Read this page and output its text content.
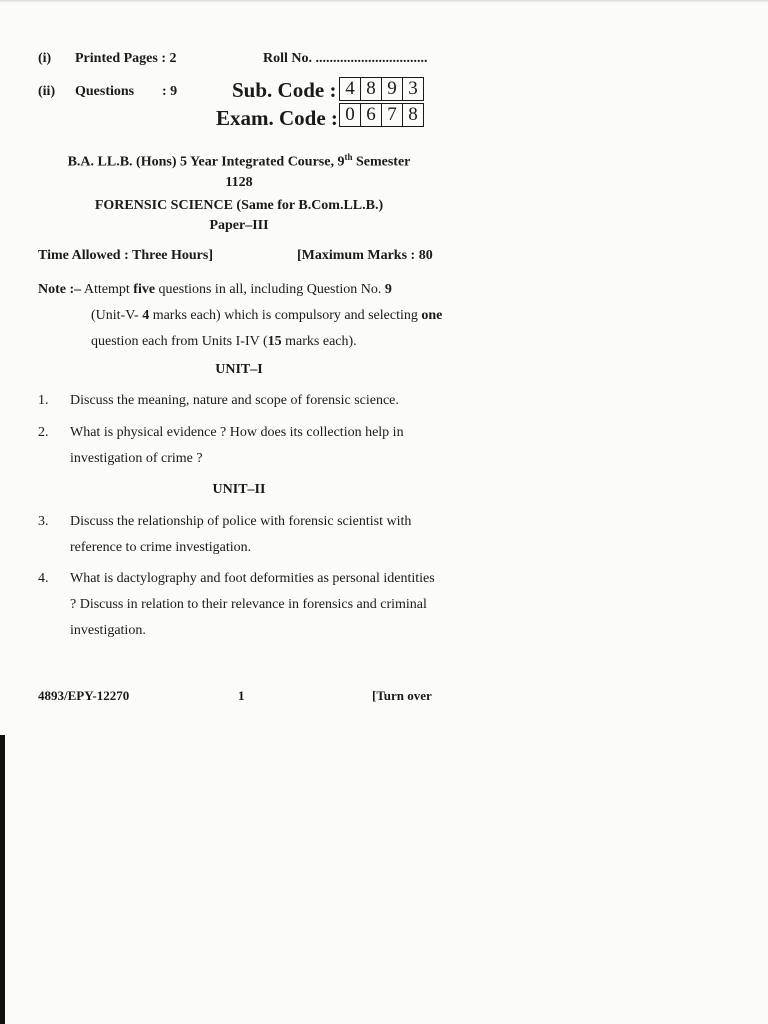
(i) Printed Pages : 2	Roll No. ................................
(ii) Questions : 9	Sub. Code : 4 8 9 3
Exam. Code : 0 6 7 8
B.A. LL.B. (Hons) 5 Year Integrated Course, 9th Semester
1128
FORENSIC SCIENCE (Same for B.Com.LL.B.)
Paper–III
Time Allowed : Three Hours]	[Maximum Marks : 80
Note :– Attempt five questions in all, including Question No. 9
(Unit-V- 4 marks each) which is compulsory and selecting one
question each from Units I-IV (15 marks each).
UNIT–I
1. Discuss the meaning, nature and scope of forensic science.
2. What is physical evidence ? How does its collection help in investigation of crime ?
UNIT–II
3. Discuss the relationship of police with forensic scientist with reference to crime investigation.
4. What is dactylography and foot deformities as personal identities ? Discuss in relation to their relevance in forensics and criminal investigation.
4893/EPY-12270	1	[Turn over
